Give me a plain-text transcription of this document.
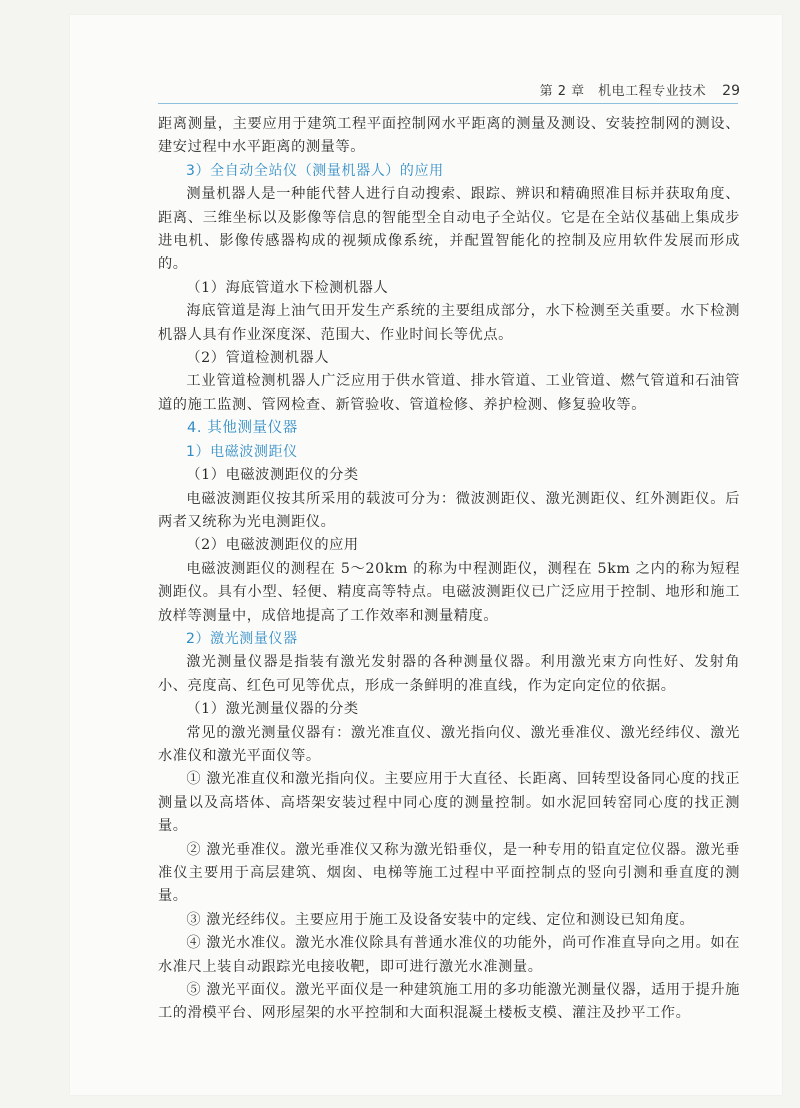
第 2 章　机电工程专业技术 29

距离测量，主要应用于建筑工程平面控制网水平距离的测量及测设、安装控制网的测设、建安过程中水平距离的测量等。

3）全自动全站仪（测量机器人）的应用

测量机器人是一种能代替人进行自动搜索、跟踪、辨识和精确照准目标并获取角度、距离、三维坐标以及影像等信息的智能型全自动电子全站仪。它是在全站仪基础上集成步进电机、影像传感器构成的视频成像系统，并配置智能化的控制及应用软件发展而形成的。

（1）海底管道水下检测机器人

海底管道是海上油气田开发生产系统的主要组成部分，水下检测至关重要。水下检测机器人具有作业深度深、范围大、作业时间长等优点。

（2）管道检测机器人

工业管道检测机器人广泛应用于供水管道、排水管道、工业管道、燃气管道和石油管道的施工监测、管网检查、新管验收、管道检修、养护检测、修复验收等。

4. 其他测量仪器

1）电磁波测距仪

（1）电磁波测距仪的分类

电磁波测距仪按其所采用的载波可分为：微波测距仪、激光测距仪、红外测距仪。后两者又统称为光电测距仪。

（2）电磁波测距仪的应用

电磁波测距仪的测程在 5～20km 的称为中程测距仪，测程在 5km 之内的称为短程测距仪。具有小型、轻便、精度高等特点。电磁波测距仪已广泛应用于控制、地形和施工放样等测量中，成倍地提高了工作效率和测量精度。

2）激光测量仪器

激光测量仪器是指装有激光发射器的各种测量仪器。利用激光束方向性好、发射角小、亮度高、红色可见等优点，形成一条鲜明的准直线，作为定向定位的依据。

（1）激光测量仪器的分类

常见的激光测量仪器有：激光准直仪、激光指向仪、激光垂准仪、激光经纬仪、激光水准仪和激光平面仪等。

① 激光准直仪和激光指向仪。主要应用于大直径、长距离、回转型设备同心度的找正测量以及高塔体、高塔架安装过程中同心度的测量控制。如水泥回转窑同心度的找正测量。

② 激光垂准仪。激光垂准仪又称为激光铅垂仪，是一种专用的铅直定位仪器。激光垂准仪主要用于高层建筑、烟囱、电梯等施工过程中平面控制点的竖向引测和垂直度的测量。

③ 激光经纬仪。主要应用于施工及设备安装中的定线、定位和测设已知角度。

④ 激光水准仪。激光水准仪除具有普通水准仪的功能外，尚可作准直导向之用。如在水准尺上装自动跟踪光电接收靶，即可进行激光水准测量。

⑤ 激光平面仪。激光平面仪是一种建筑施工用的多功能激光测量仪器，适用于提升施工的滑模平台、网形屋架的水平控制和大面积混凝土楼板支模、灌注及抄平工作。
